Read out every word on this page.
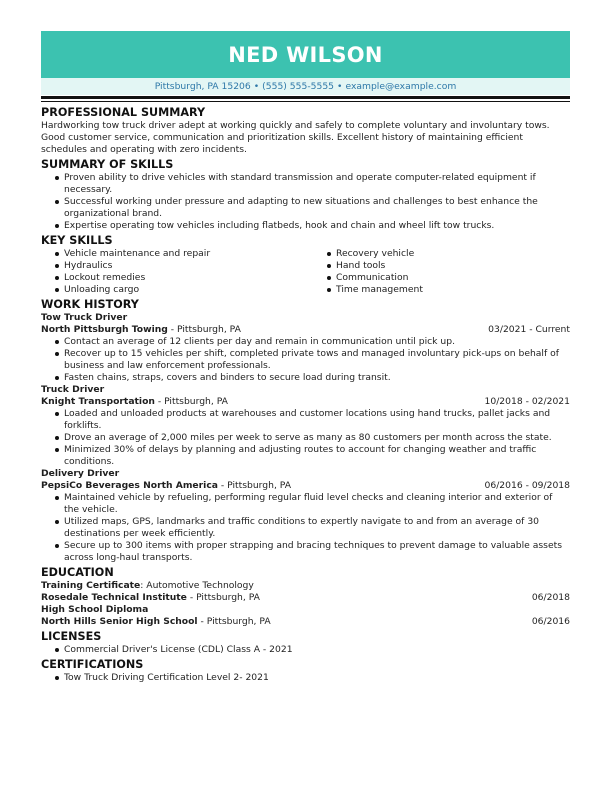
NED WILSON
Pittsburgh, PA 15206 • (555) 555-5555 • example@example.com
PROFESSIONAL SUMMARY
Hardworking tow truck driver adept at working quickly and safely to complete voluntary and involuntary tows. Good customer service, communication and prioritization skills. Excellent history of maintaining efficient schedules and operating with zero incidents.
SUMMARY OF SKILLS
Proven ability to drive vehicles with standard transmission and operate computer-related equipment if necessary.
Successful working under pressure and adapting to new situations and challenges to best enhance the organizational brand.
Expertise operating tow vehicles including flatbeds, hook and chain and wheel lift tow trucks.
KEY SKILLS
Vehicle maintenance and repair
Hydraulics
Lockout remedies
Unloading cargo
Recovery vehicle
Hand tools
Communication
Time management
WORK HISTORY
Tow Truck Driver
North Pittsburgh Towing - Pittsburgh, PA	03/2021 - Current
Contact an average of 12 clients per day and remain in communication until pick up.
Recover up to 15 vehicles per shift, completed private tows and managed involuntary pick-ups on behalf of business and law enforcement professionals.
Fasten chains, straps, covers and binders to secure load during transit.
Truck Driver
Knight Transportation - Pittsburgh, PA	10/2018 - 02/2021
Loaded and unloaded products at warehouses and customer locations using hand trucks, pallet jacks and forklifts.
Drove an average of 2,000 miles per week to serve as many as 80 customers per month across the state.
Minimized 30% of delays by planning and adjusting routes to account for changing weather and traffic conditions.
Delivery Driver
PepsiCo Beverages North America - Pittsburgh, PA	06/2016 - 09/2018
Maintained vehicle by refueling, performing regular fluid level checks and cleaning interior and exterior of the vehicle.
Utilized maps, GPS, landmarks and traffic conditions to expertly navigate to and from an average of 30 destinations per week efficiently.
Secure up to 300 items with proper strapping and bracing techniques to prevent damage to valuable assets across long-haul transports.
EDUCATION
Training Certificate: Automotive Technology
Rosedale Technical Institute - Pittsburgh, PA	06/2018
High School Diploma
North Hills Senior High School - Pittsburgh, PA	06/2016
LICENSES
Commercial Driver's License (CDL) Class A - 2021
CERTIFICATIONS
Tow Truck Driving Certification Level 2- 2021
